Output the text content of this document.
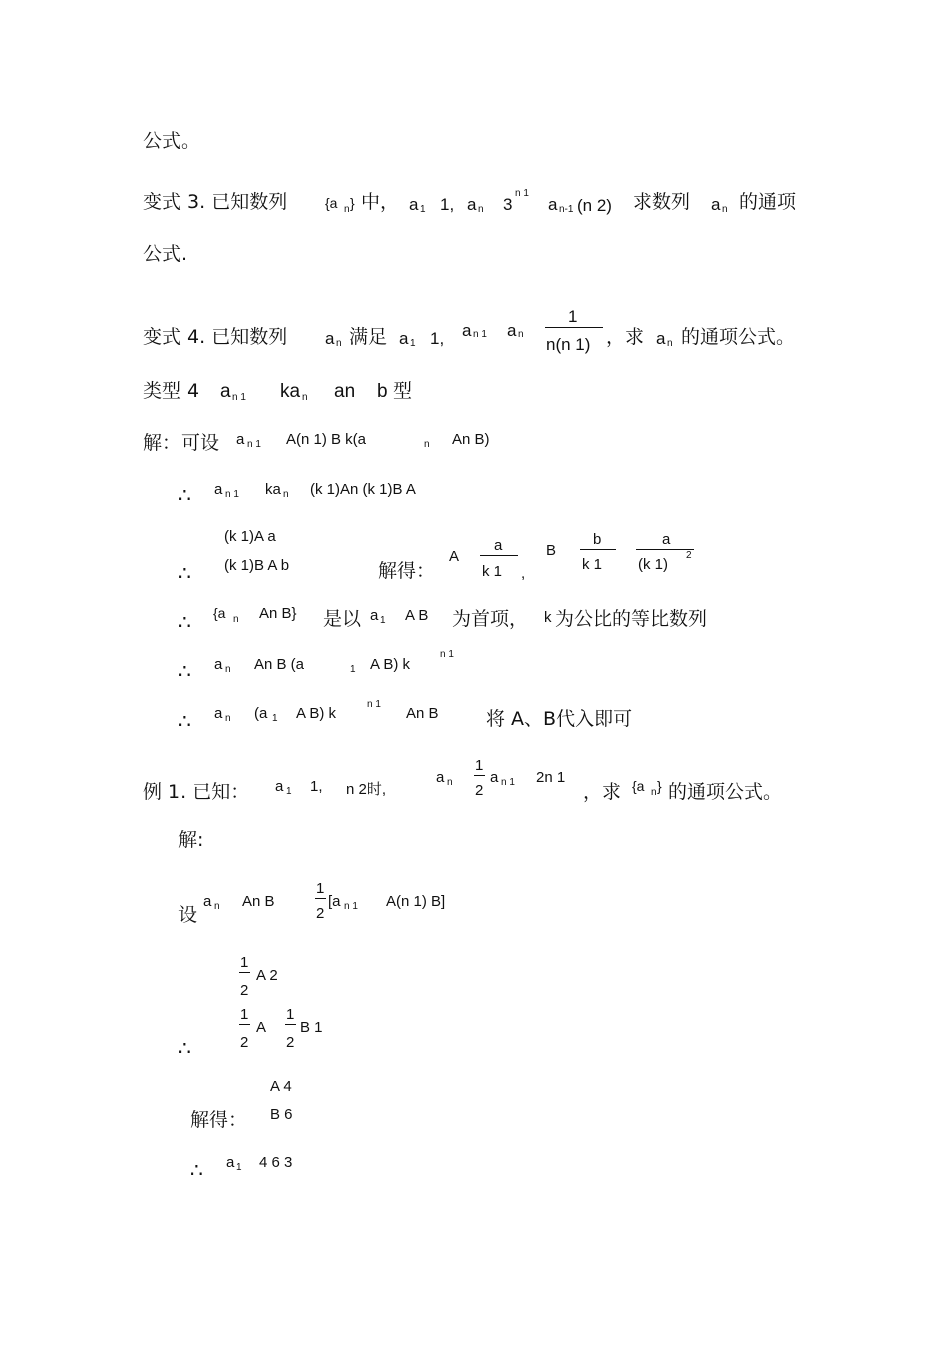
公式。
变式 3. 已知数列	{a n } 中， a 1 1, a n 3
n 1
a n-1 (n 2) 求数列 a n 的通项
公式.
变式 4. 已知数列 a n 满足 a 1 1, a n 1 a n
1
n(n 1) ，求 a n 的通项公式。
类型 4 a n 1 ka n an b 型
解：可设 a n 1 A(n 1) B k(a	n An B)
∴ a n 1 ka n (k 1)An (k 1)B A
(k 1)A a
∴ (k 1)B A b	解得：
A
a
k 1 ,
B
b
k 1
a
(k 1)
2
∴ {a n An B} 是以 a 1 A B 为首项， k 为公比的等比数列
∴ a n An B (a	1 A B) k
n 1
∴ a n (a 1 A B) k
n 1
An B 将 A、B代入即可
例 1. 已知： a 1 1, n 2时,
a n
1
2
a n 1 2n 1
，求 {a n } 的通项公式。
解:
设
a n An B
1
2
[a n 1 A(n 1) B]
1
2
A 2
1
2
A
1
2
B 1
∴
A 4
解得： B 6
∴ a 1 4 6 3
